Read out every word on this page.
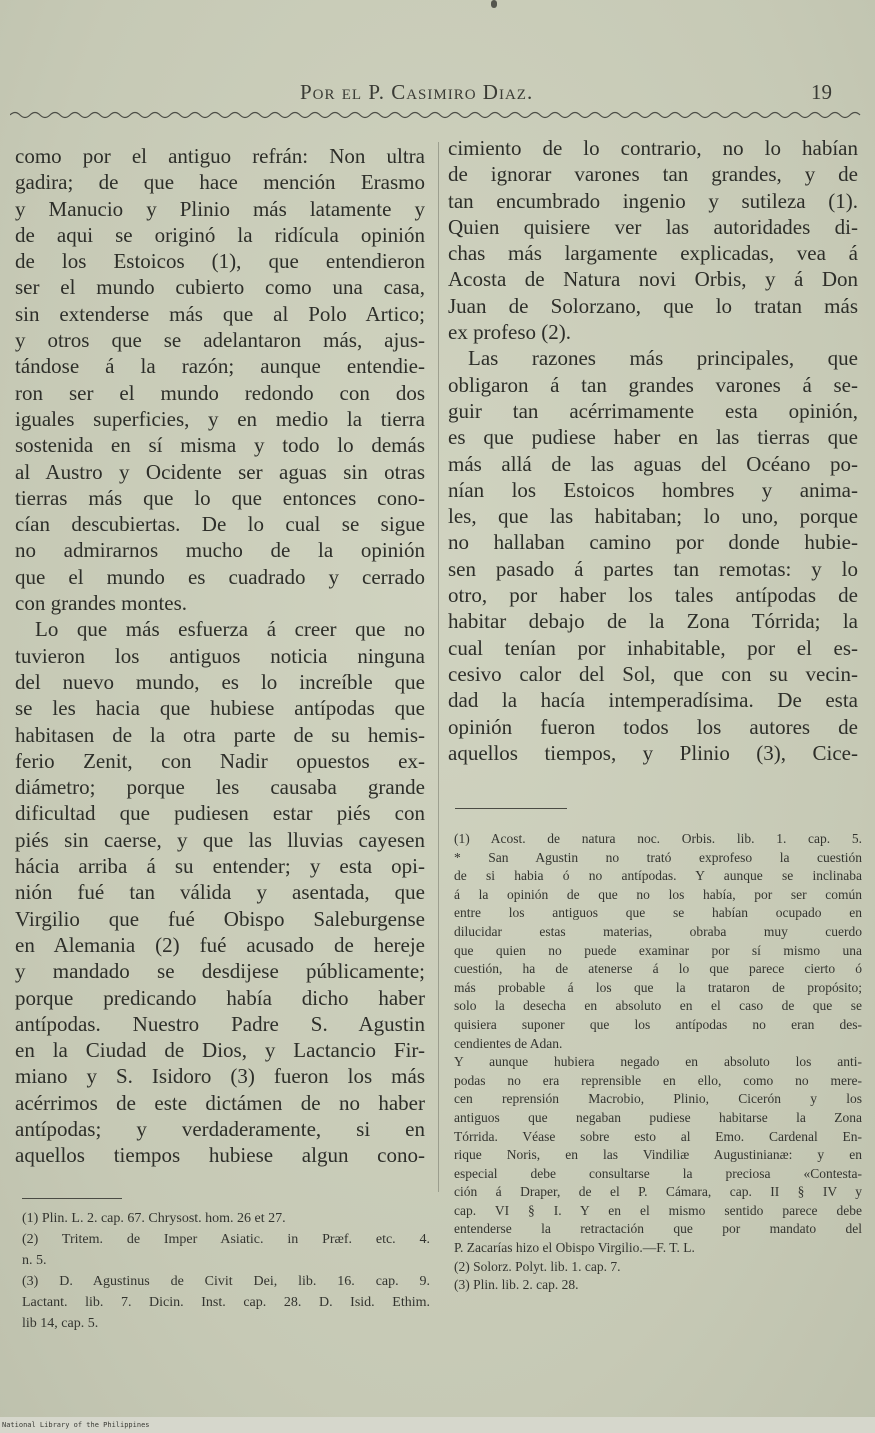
Por el P. Casimiro Diaz.	19
como por el antiguo refrán: Non ultra
gadira; de que hace mención Erasmo
y Manucio y Plinio más latamente y
de aqui se originó la ridícula opinión
de los Estoicos (1), que entendieron
ser el mundo cubierto como una casa,
sin extenderse más que al Polo Artico;
y otros que se adelantaron más, ajus-
tándose á la razón; aunque entendie-
ron ser el mundo redondo con dos
iguales superficies, y en medio la tierra
sostenida en sí misma y todo lo demás
al Austro y Ocidente ser aguas sin otras
tierras más que lo que entonces cono-
cían descubiertas. De lo cual se sigue
no admirarnos mucho de la opinión
que el mundo es cuadrado y cerrado
con grandes montes.
Lo que más esfuerza á creer que no
tuvieron los antiguos noticia ninguna
del nuevo mundo, es lo increíble que
se les hacia que hubiese antípodas que
habitasen de la otra parte de su hemis-
ferio Zenit, con Nadir opuestos ex-
diámetro; porque les causaba grande
dificultad que pudiesen estar piés con
piés sin caerse, y que las lluvias cayesen
hácia arriba á su entender; y esta opi-
nión fué tan válida y asentada, que
Virgilio que fué Obispo Saleburgense
en Alemania (2) fué acusado de hereje
y mandado se desdijese públicamente;
porque predicando había dicho haber
antípodas. Nuestro Padre S. Agustin
en la Ciudad de Dios, y Lactancio Fir-
miano y S. Isidoro (3) fueron los más
acérrimos de este dictámen de no haber
antípodas; y verdaderamente, si en
aquellos tiempos hubiese algun cono-
cimiento de lo contrario, no lo habían
de ignorar varones tan grandes, y de
tan encumbrado ingenio y sutileza (1).
Quien quisiere ver las autoridades di-
chas más largamente explicadas, vea á
Acosta de Natura novi Orbis, y á Don
Juan de Solorzano, que lo tratan más
ex profeso (2).
Las razones más principales, que
obligaron á tan grandes varones á se-
guir tan acérrimamente esta opinión,
es que pudiese haber en las tierras que
más allá de las aguas del Océano po-
nían los Estoicos hombres y anima-
les, que las habitaban; lo uno, porque
no hallaban camino por donde hubie-
sen pasado á partes tan remotas: y lo
otro, por haber los tales antípodas de
habitar debajo de la Zona Tórrida; la
cual tenían por inhabitable, por el es-
cesivo calor del Sol, que con su vecin-
dad la hacía intemperadísima. De esta
opinión fueron todos los autores de
aquellos tiempos, y Plinio (3), Cice-
(1) Acost. de natura noc. Orbis. lib. 1. cap. 5.
* San Agustin no trató exprofeso la cuestión
de si habia ó no antípodas. Y aunque se inclinaba
á la opinión de que no los había, por ser común
entre los antiguos que se habían ocupado en
dilucidar estas materias, obraba muy cuerdo
que quien no puede examinar por sí mismo una
cuestión, ha de atenerse á lo que parece cierto ó
más probable á los que la trataron de propósito;
solo la desecha en absoluto en el caso de que se
quisiera suponer que los antípodas no eran des-
cendientes de Adan.
Y aunque hubiera negado en absoluto los anti-
podas no era reprensible en ello, como no mere-
cen reprensión Macrobio, Plinio, Cicerón y los
antiguos que negaban pudiese habitarse la Zona
Tórrida. Véase sobre esto al Emo. Cardenal En-
rique Noris, en las Vindiliæ Augustinianæ: y en
especial debe consultarse la preciosa «Contesta-
ción á Draper, de el P. Cámara, cap. II § IV y
cap. VI § I. Y en el mismo sentido parece debe
entenderse la retractación que por mandato del
P. Zacarías hizo el Obispo Virgilio.—F. T. L.
(2) Solorz. Polyt. lib. 1. cap. 7.
(3) Plin. lib. 2. cap. 28.
(1) Plin. L. 2. cap. 67. Chrysost. hom. 26 et 27.
(2) Tritem. de Imper Asiatic. in Præf. etc. 4.
n. 5.
(3) D. Agustinus de Civit Dei, lib. 16. cap. 9.
Lactant. lib. 7. Dicin. Inst. cap. 28. D. Isid. Ethim.
lib 14, cap. 5.
National Library of the Philippines
